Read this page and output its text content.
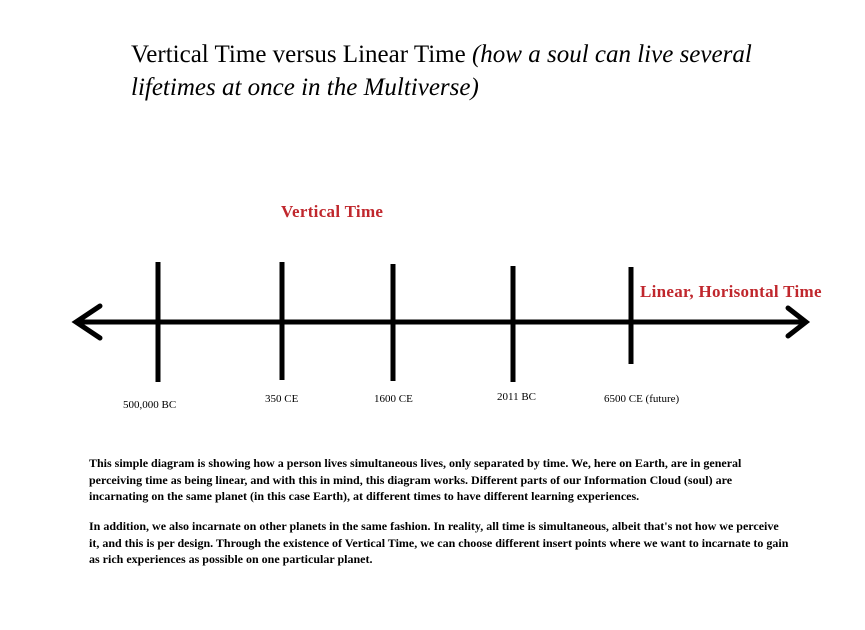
Vertical Time versus Linear Time (how a soul can live several lifetimes at once in the Multiverse)
Vertical Time
Linear, Horisontal Time
500,000 BC	350 CE	1600 CE	2011 BC	6500 CE (future)
This simple diagram is showing how a person lives simultaneous lives, only separated by time. We, here on Earth, are in general perceiving time as being linear, and with this in mind, this diagram works. Different parts of our Information Cloud (soul) are incarnating on the same planet (in this case Earth), at different times to have different learning experiences.
In addition, we also incarnate on other planets in the same fashion. In reality, all time is simultaneous, albeit that's not how we perceive it, and this is per design. Through the existence of Vertical Time, we can choose different insert points where we want to incarnate to gain as rich experiences as possible on one particular planet.
